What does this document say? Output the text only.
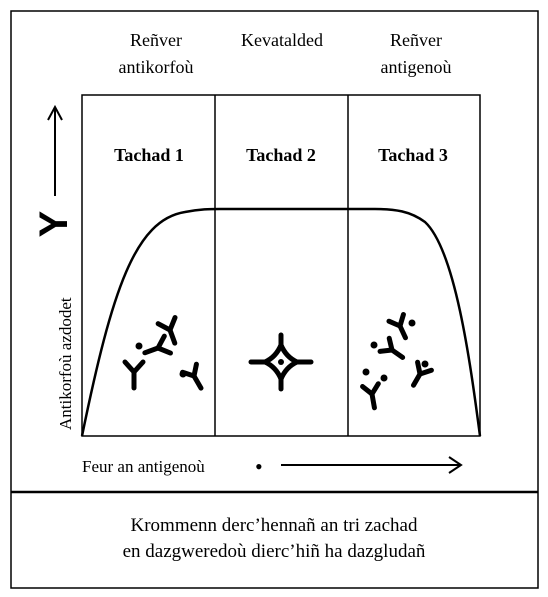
Reñver
antikorfoù
Kevatalded	Reñver
antigenoù
Tachad 1	Tachad 2	Tachad 3
Antikorfoù azdodet
Y
Feur an antigenoù •
Krommenn derc’hennañ an tri zachad
en dazgweredoù dierc’hiñ ha dazgludañ
